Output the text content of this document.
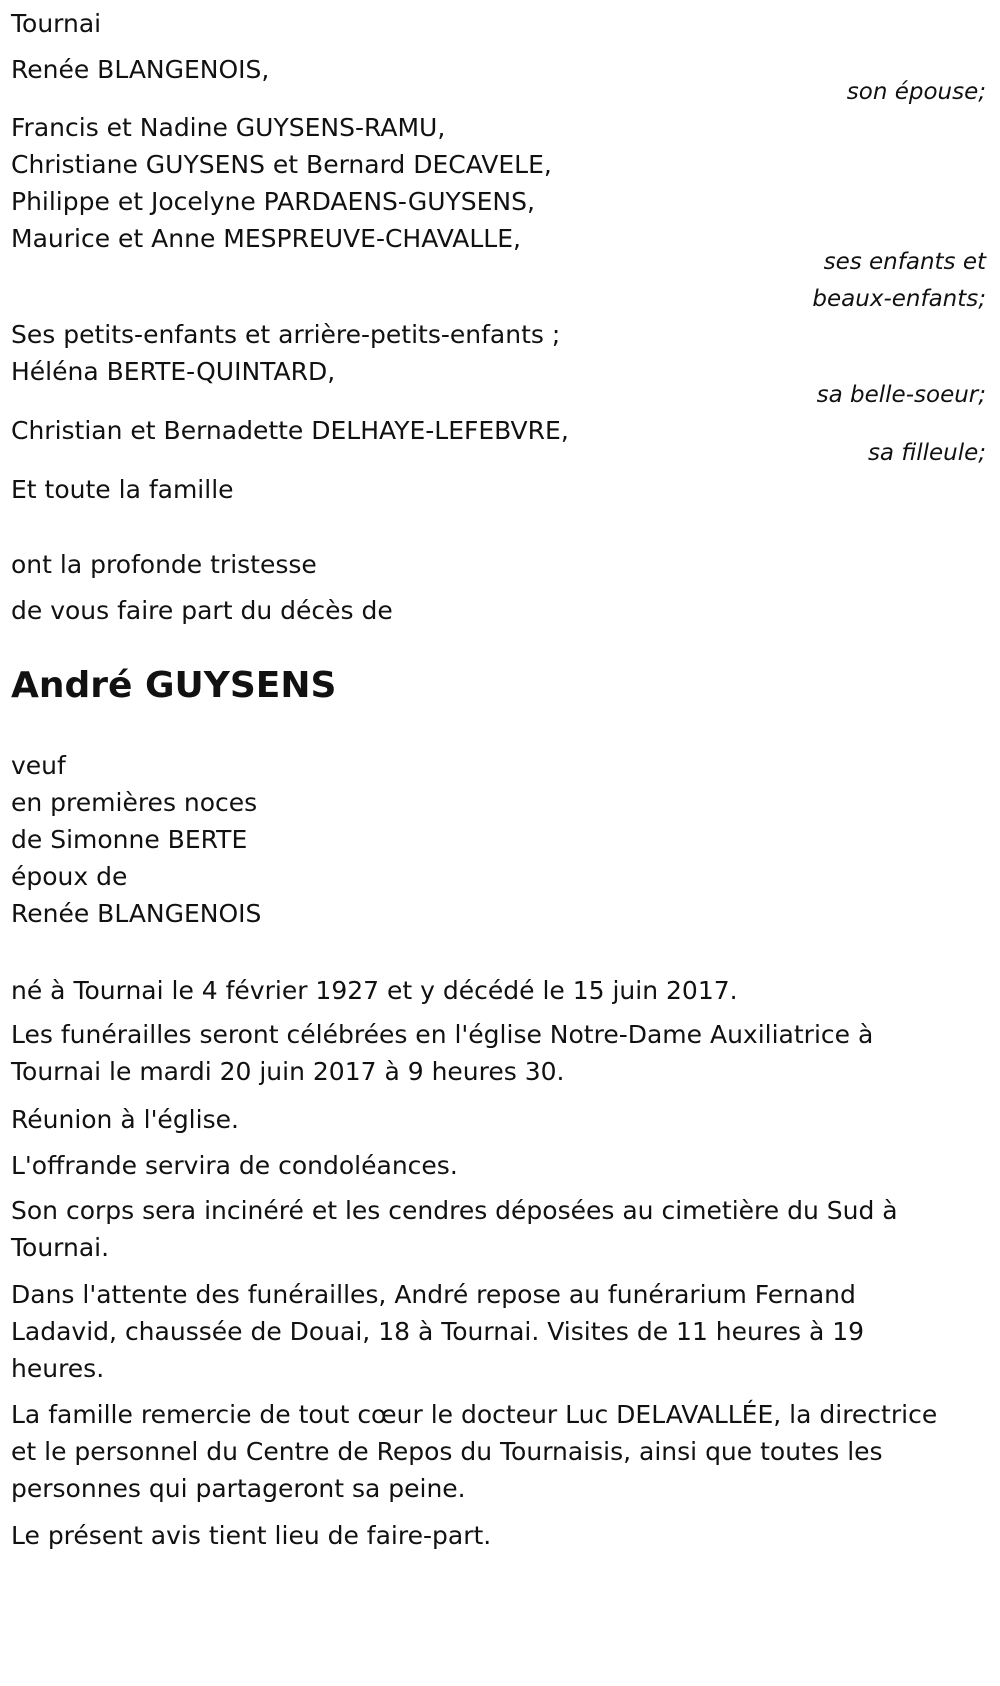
Tournai
Renée BLANGENOIS,
son épouse;
Francis et Nadine GUYSENS-RAMU,
Christiane GUYSENS et Bernard DECAVELE,
Philippe et Jocelyne PARDAENS-GUYSENS,
Maurice et Anne MESPREUVE-CHAVALLE,
ses enfants et
beaux-enfants;
Ses petits-enfants et arrière-petits-enfants ;
Héléna BERTE-QUINTARD,
sa belle-soeur;
Christian et Bernadette DELHAYE-LEFEBVRE,
sa filleule;
Et toute la famille
ont la profonde tristesse
de vous faire part du décès de
André GUYSENS
veuf
en premières noces
de Simonne BERTE
époux de
Renée BLANGENOIS
né à Tournai le 4 février 1927 et y décédé le 15 juin 2017.
Les funérailles seront célébrées en l'église Notre-Dame Auxiliatrice à Tournai le mardi 20 juin 2017 à 9 heures 30.
Réunion à l'église.
L'offrande servira de condoléances.
Son corps sera incinéré et les cendres déposées au cimetière du Sud à Tournai.
Dans l'attente des funérailles, André repose au funérarium Fernand Ladavid, chaussée de Douai, 18 à Tournai. Visites de 11 heures à 19 heures.
La famille remercie de tout cœur le docteur Luc DELAVALLÉE, la directrice et le personnel du Centre de Repos du Tournaisis, ainsi que toutes les personnes qui partageront sa peine.
Le présent avis tient lieu de faire-part.
